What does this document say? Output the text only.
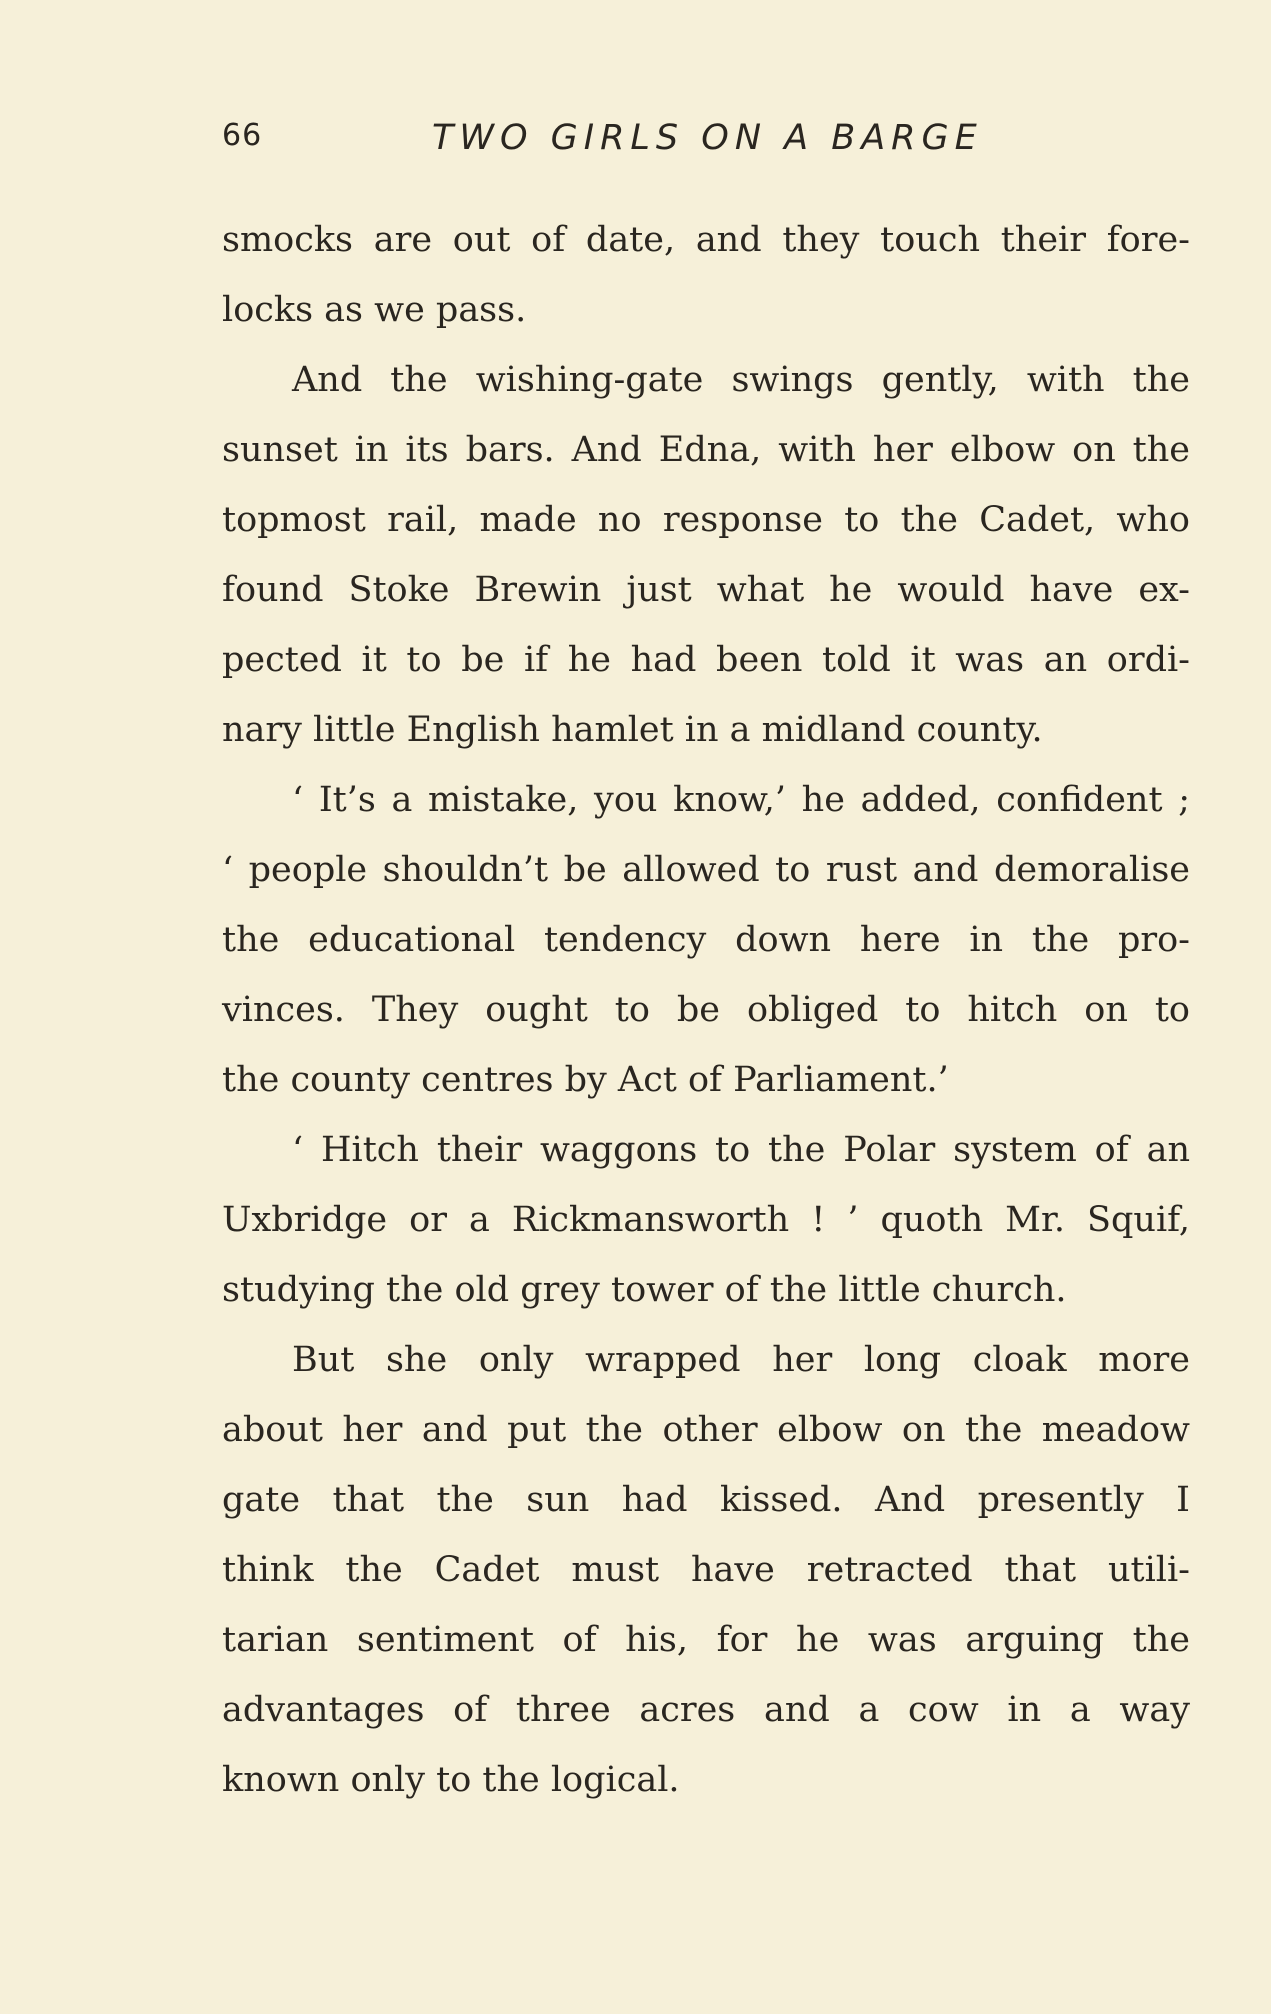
66	TWO GIRLS ON A BARGE
smocks are out of date, and they touch their fore-
locks as we pass.
And the wishing-gate swings gently, with the
sunset in its bars. And Edna, with her elbow on the
topmost rail, made no response to the Cadet, who
found Stoke Brewin just what he would have ex-
pected it to be if he had been told it was an ordi-
nary little English hamlet in a midland county.
‘ It’s a mistake, you know,’ he added, confident ;
‘ people shouldn’t be allowed to rust and demoralise
the educational tendency down here in the pro-
vinces. They ought to be obliged to hitch on to
the county centres by Act of Parliament.’
‘ Hitch their waggons to the Polar system of an
Uxbridge or a Rickmansworth ! ’ quoth Mr. Squif,
studying the old grey tower of the little church.
But she only wrapped her long cloak more
about her and put the other elbow on the meadow
gate that the sun had kissed. And presently I
think the Cadet must have retracted that utili-
tarian sentiment of his, for he was arguing the
advantages of three acres and a cow in a way
known only to the logical.
